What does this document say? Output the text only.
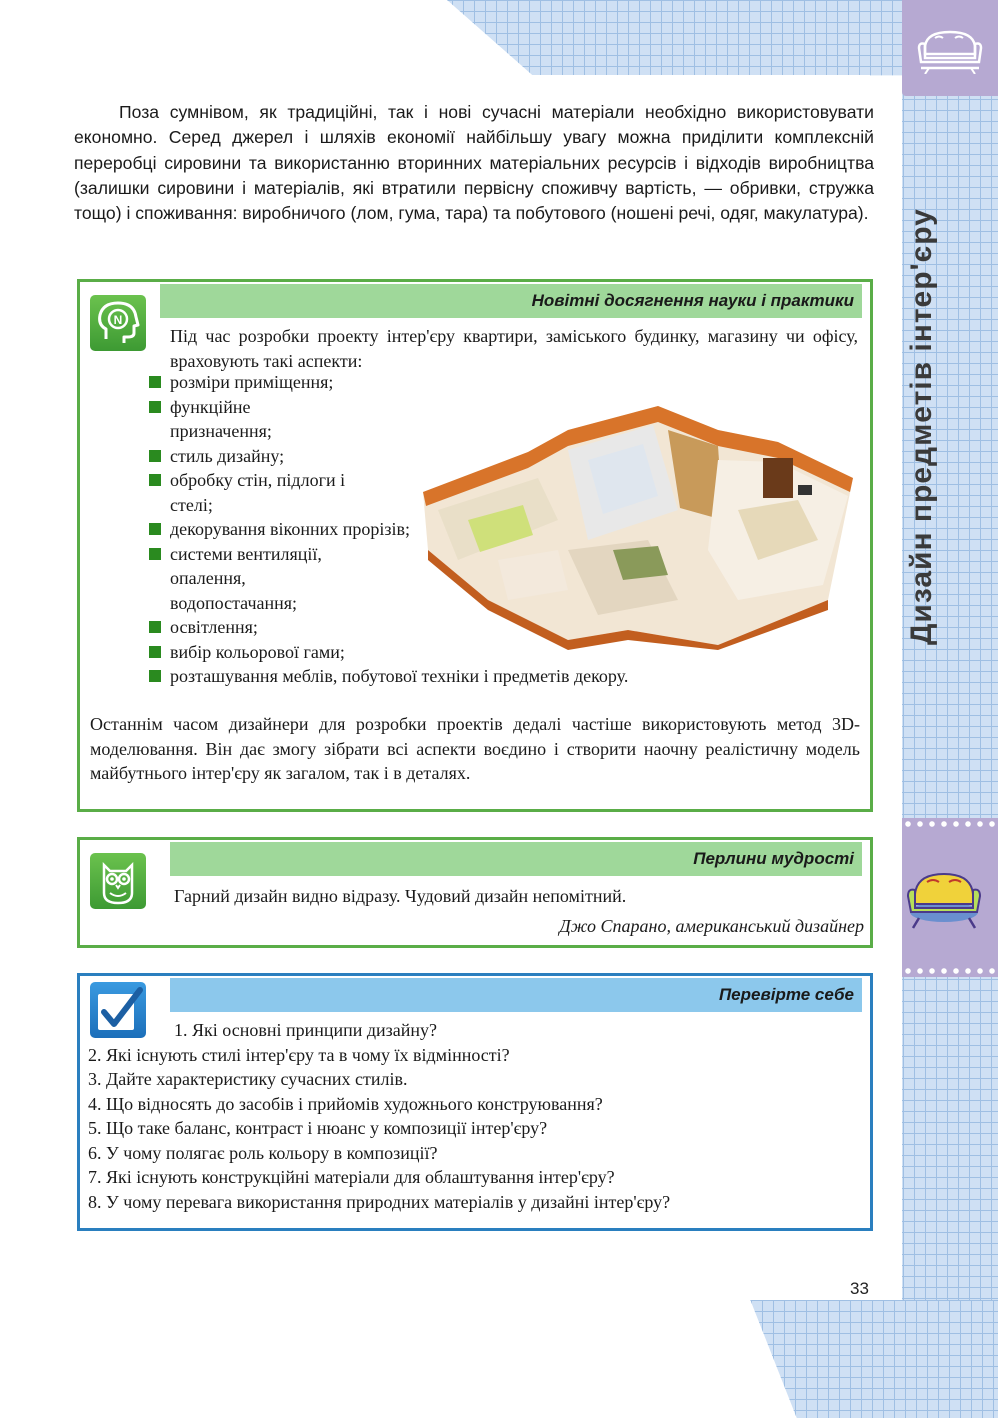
Дизайн предметів інтер'єру
Поза сумнівом, як традиційні, так і нові сучасні матеріали необхідно використовувати економно. Серед джерел і шляхів економії найбільшу увагу можна приділити комплексній переробці сировини та використанню вторинних матеріальних ресурсів і відходів виробництва (залишки сировини і матеріалів, які втратили первісну споживчу вартість, — обривки, стружка тощо) і споживання: виробничого (лом, гума, тара) та побутового (ношені речі, одяг, макулатура).
Новітні досягнення науки і практики
N
Під час розробки проекту інтер'єру квартири, заміського будинку, магазину чи офісу, враховують такі аспекти:
розміри приміщення;
функційне призначення;
стиль дизайну;
обробку стін, підлоги і стелі;
декорування віконних прорізів;
системи вентиляції, опалення, водопостачання;
освітлення;
вибір кольорової гами;
розташування меблів, побутової техніки і предметів декору.
Останнім часом дизайнери для розробки проектів дедалі частіше використовують метод 3D-моделювання. Він дає змогу зібрати всі аспекти воєдино і створити наочну реалістичну модель майбутнього інтер'єру як загалом, так і в деталях.
Перлини мудрості
Гарний дизайн видно відразу. Чудовий дизайн непомітний.
Джо Спарано, американський дизайнер
Перевірте себе
1. Які основні принципи дизайну?
2. Які існують стилі інтер'єру та в чому їх відмінності?
3. Дайте характеристику сучасних стилів.
4. Що відносять до засобів і прийомів художнього конструювання?
5. Що таке баланс, контраст і нюанс у композиції інтер'єру?
6. У чому полягає роль кольору в композиції?
7. Які існують конструкційні матеріали для облаштування інтер'єру?
8. У чому перевага використання природних матеріалів у дизайні інтер'єру?
33
